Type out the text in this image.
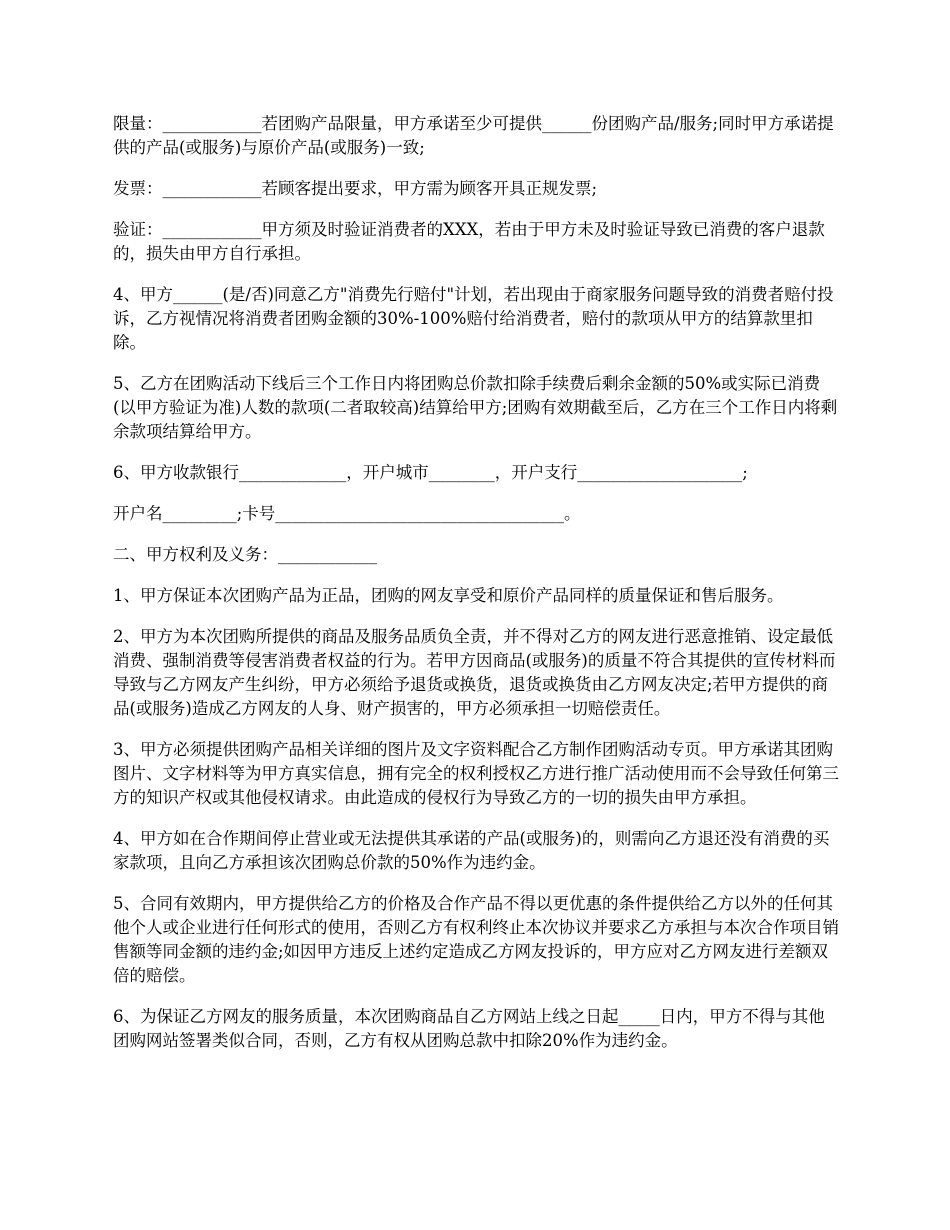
限量：____________若团购产品限量，甲方承诺至少可提供______份团购产品/服务;同时甲方承诺提供的产品(或服务)与原价产品(或服务)一致;

发票：____________若顾客提出要求，甲方需为顾客开具正规发票;

验证：____________甲方须及时验证消费者的XXX，若由于甲方未及时验证导致已消费的客户退款的，损失由甲方自行承担。

4、甲方______(是/否)同意乙方"消费先行赔付"计划，若出现由于商家服务问题导致的消费者赔付投诉，乙方视情况将消费者团购金额的30%-100%赔付给消费者，赔付的款项从甲方的结算款里扣除。

5、乙方在团购活动下线后三个工作日内将团购总价款扣除手续费后剩余金额的50%或实际已消费(以甲方验证为准)人数的款项(二者取较高)结算给甲方;团购有效期截至后，乙方在三个工作日内将剩余款项结算给甲方。

6、甲方收款银行_____________，开户城市________，开户支行____________________;

开户名_________;卡号___________________________________。

二、甲方权利及义务：____________

1、甲方保证本次团购产品为正品，团购的网友享受和原价产品同样的质量保证和售后服务。

2、甲方为本次团购所提供的商品及服务品质负全责，并不得对乙方的网友进行恶意推销、设定最低消费、强制消费等侵害消费者权益的行为。若甲方因商品(或服务)的质量不符合其提供的宣传材料而导致与乙方网友产生纠纷，甲方必须给予退货或换货，退货或换货由乙方网友决定;若甲方提供的商品(或服务)造成乙方网友的人身、财产损害的，甲方必须承担一切赔偿责任。

3、甲方必须提供团购产品相关详细的图片及文字资料配合乙方制作团购活动专页。甲方承诺其团购图片、文字材料等为甲方真实信息，拥有完全的权利授权乙方进行推广活动使用而不会导致任何第三方的知识产权或其他侵权请求。由此造成的侵权行为导致乙方的一切的损失由甲方承担。

4、甲方如在合作期间停止营业或无法提供其承诺的产品(或服务)的，则需向乙方退还没有消费的买家款项，且向乙方承担该次团购总价款的50%作为违约金。

5、合同有效期内，甲方提供给乙方的价格及合作产品不得以更优惠的条件提供给乙方以外的任何其他个人或企业进行任何形式的使用，否则乙方有权利终止本次协议并要求乙方承担与本次合作项目销售额等同金额的违约金;如因甲方违反上述约定造成乙方网友投诉的，甲方应对乙方网友进行差额双倍的赔偿。

6、为保证乙方网友的服务质量，本次团购商品自乙方网站上线之日起_____日内，甲方不得与其他团购网站签署类似合同，否则，乙方有权从团购总款中扣除20%作为违约金。
